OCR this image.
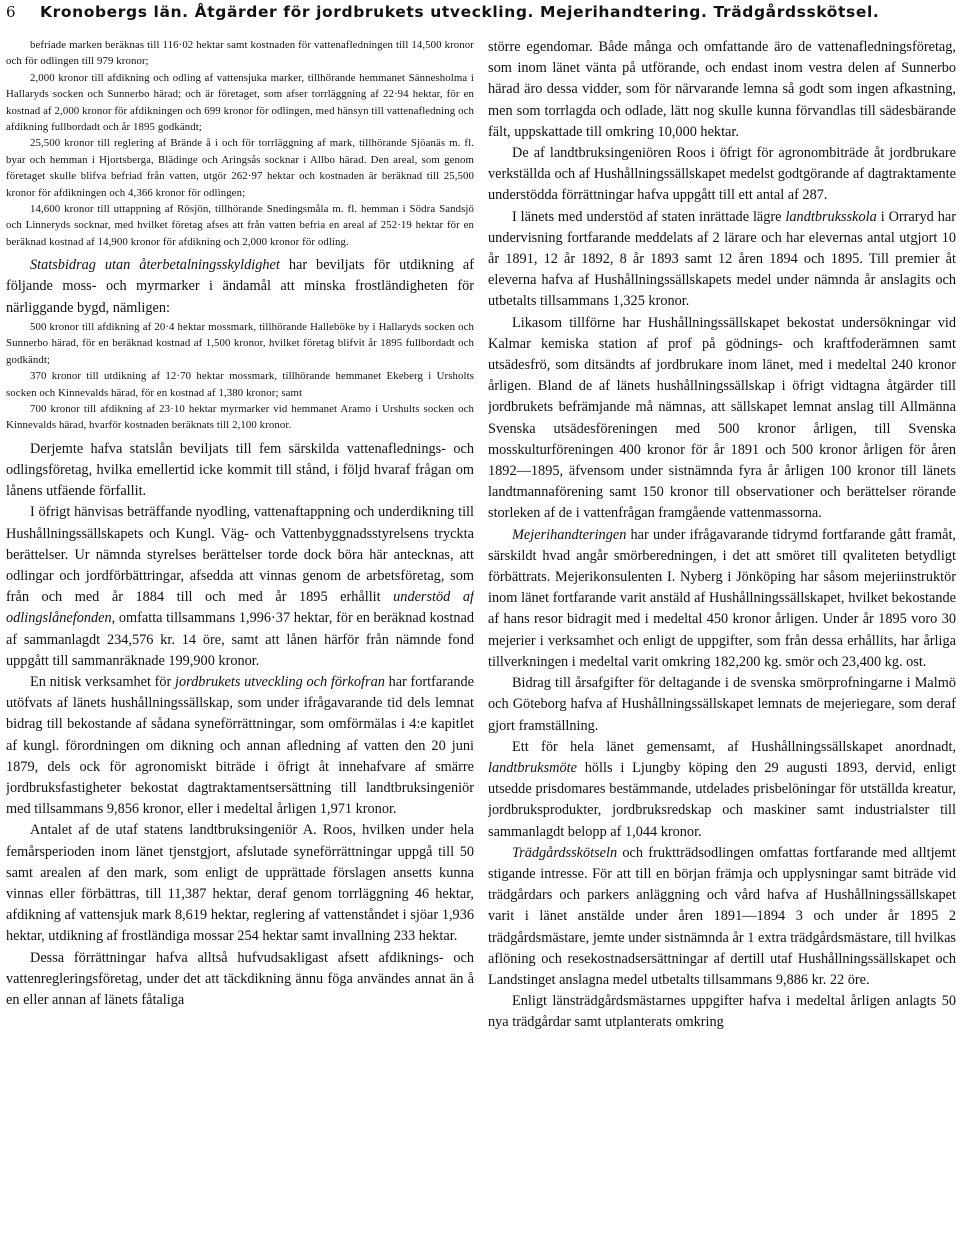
6	Kronobergs län. Åtgärder för jordbrukets utveckling. Mejerihandtering. Trädgårdsskötsel.

befriade marken beräknas till 116·02 hektar samt kostnaden för vattenafledningen till 14,500 kronor och för odlingen till 979 kronor;

2,000 kronor till afdikning och odling af vattensjuka marker, tillhörande hemmanet Sännesholma i Hallaryds socken och Sunnerbo härad; och är företaget, som afser torrläggning af 22·94 hektar, för en kostnad af 2,000 kronor för afdikningen och 699 kronor för odlingen, med hänsyn till vattenafledning och afdikning fullbordadt och år 1895 godkändt;

25,500 kronor till reglering af Brände å i och för torrläggning af mark, tillhörande Sjöanäs m. fl. byar och hemman i Hjortsberga, Blädinge och Aringsås socknar i Allbo härad. Den areal, som genom företaget skulle blifva befriad från vatten, utgör 262·97 hektar och kostnaden är beräknad till 25,500 kronor för afdikningen och 4,366 kronor för odlingen;

14,600 kronor till uttappning af Rösjön, tillhörande Snedingsmåla m. fl. hemman i Södra Sandsjö och Linneryds socknar, med hvilket företag afses att från vatten befria en areal af 252·19 hektar för en beräknad kostnad af 14,900 kronor för afdikning och 2,000 kronor för odling.

Statsbidrag utan återbetalningsskyldighet har beviljats för utdikning af följande moss- och myrmarker i ändamål att minska frostländigheten för närliggande bygd, nämligen:

500 kronor till afdikning af 20·4 hektar mossmark, tillhörande Halleböke by i Hallaryds socken och Sunnerbo härad, för en beräknad kostnad af 1,500 kronor, hvilket företag blifvit år 1895 fullbordadt och godkändt;

370 kronor till utdikning af 12·70 hektar mossmark, tillhörande hemmanet Ekeberg i Ursholts socken och Kinnevalds härad, för en kostnad af 1,380 kronor; samt

700 kronor till afdikning af 23·10 hektar myrmarker vid hemmanet Aramo i Urshults socken och Kinnevalds härad, hvarför kostnaden beräknats till 2,100 kronor.

Derjemte hafva statslån beviljats till fem särskilda vattenaflednings- och odlingsföretag, hvilka emellertid icke kommit till stånd, i följd hvaraf frågan om lånens utfäende förfallit.

I öfrigt hänvisas beträffande nyodling, vattenaftappning och underdikning till Hushållningssällskapets och Kungl. Väg- och Vattenbyggnadsstyrelsens tryckta berättelser. Ur nämnda styrelses berättelser torde dock böra här antecknas, att odlingar och jordförbättringar, afsedda att vinnas genom de arbetsföretag, som från och med år 1884 till och med år 1895 erhållit understöd af odlingslånefonden, omfatta tillsammans 1,996·37 hektar, för en beräknad kostnad af sammanlagdt 234,576 kr. 14 öre, samt att lånen härför från nämnde fond uppgått till sammanräknade 199,900 kronor.

En nitisk verksamhet för jordbrukets utveckling och förkofran har fortfarande utöfvats af länets hushållningssällskap, som under ifrågavarande tid dels lemnat bidrag till bekostande af sådana syneförrättningar, som omförmälas i 4:e kapitlet af kungl. förordningen om dikning och annan afledning af vatten den 20 juni 1879, dels ock för agronomiskt biträde i öfrigt åt innehafvare af smärre jordbruksfastigheter bekostat dagtraktamentsersättning till landtbruksingeniör med tillsammans 9,856 kronor, eller i medeltal årligen 1,971 kronor.

Antalet af de utaf statens landtbruksingeniör A. Roos, hvilken under hela femårsperioden inom länet tjenstgjort, afslutade syneförrättningar uppgå till 50 samt arealen af den mark, som enligt de upprättade förslagen ansetts kunna vinnas eller förbättras, till 11,387 hektar, deraf genom torrläggning 46 hektar, afdikning af vattensjuk mark 8,619 hektar, reglering af vattenståndet i sjöar 1,936 hektar, utdikning af frostländiga mossar 254 hektar samt invallning 233 hektar.

Dessa förrättningar hafva alltså hufvudsakligast afsett afdiknings- och vattenregleringsföretag, under det att täckdikning ännu föga användes annat än å en eller annan af länets fåtaliga

större egendomar. Både många och omfattande äro de vattenafledningsföretag, som inom länet vänta på utförande, och endast inom vestra delen af Sunnerbo härad äro dessa vidder, som för närvarande lemna så godt som ingen afkastning, men som torrlagda och odlade, lätt nog skulle kunna förvandlas till sädesbärande fält, uppskattade till omkring 10,000 hektar.

De af landtbruksingeniören Roos i öfrigt för agronombiträde åt jordbrukare verkställda och af Hushållningssällskapet medelst godtgörande af dagtraktamente understödda förrättningar hafva uppgått till ett antal af 287.

I länets med understöd af staten inrättade lägre landtbruksskola i Orraryd har undervisning fortfarande meddelats af 2 lärare och har elevernas antal utgjort 10 år 1891, 12 år 1892, 8 år 1893 samt 12 åren 1894 och 1895. Till premier åt eleverna hafva af Hushållningssällskapets medel under nämnda år anslagits och utbetalts tillsammans 1,325 kronor.

Likasom tillförne har Hushållningssällskapet bekostat undersökningar vid Kalmar kemiska station af prof på gödnings- och kraftfoderämnen samt utsädesfrö, som ditsändts af jordbrukare inom länet, med i medeltal 240 kronor årligen. Bland de af länets hushållningssällskap i öfrigt vidtagna åtgärder till jordbrukets befrämjande må nämnas, att sällskapet lemnat anslag till Allmänna Svenska utsädesföreningen med 500 kronor årligen, till Svenska mosskulturföreningen 400 kronor för år 1891 och 500 kronor årligen för åren 1892—1895, äfvensom under sistnämnda fyra år årligen 100 kronor till länets landtmannaförening samt 150 kronor till observationer och berättelser rörande storleken af de i vattenfrågan framgående vattenmassorna.

Mejerihandteringen har under ifrågavarande tidrymd fortfarande gått framåt, särskildt hvad angår smörberedningen, i det att smöret till qvaliteten betydligt förbättrats. Mejerikonsulenten I. Nyberg i Jönköping har såsom mejeriinstruktör inom länet fortfarande varit anstäld af Hushållningssällskapet, hvilket bekostande af hans resor bidragit med i medeltal 450 kronor årligen. Under år 1895 voro 30 mejerier i verksamhet och enligt de uppgifter, som från dessa erhållits, har årliga tillverkningen i medeltal varit omkring 182,200 kg. smör och 23,400 kg. ost.

Bidrag till årsafgifter för deltagande i de svenska smörprofningarne i Malmö och Göteborg hafva af Hushållningssällskapet lemnats de mejeriegare, som deraf gjort framställning.

Ett för hela länet gemensamt, af Hushållningssällskapet anordnadt, landtbruksmöte hölls i Ljungby köping den 29 augusti 1893, dervid, enligt utsedde prisdomares bestämmande, utdelades prisbelöningar för utställda kreatur, jordbruksprodukter, jordbruksredskap och maskiner samt industrialster till sammanlagdt belopp af 1,044 kronor.

Trädgårdsskötseln och fruktträdsodlingen omfattas fortfarande med alltjemt stigande intresse. För att till en början främja och upplysningar samt biträde vid trädgårdars och parkers anläggning och vård hafva af Hushållningssällskapet varit i länet anstälde under åren 1891—1894 3 och under år 1895 2 trädgårdsmästare, jemte under sistnämnda år 1 extra trädgårdsmästare, till hvilkas aflöning och resekostnadsersättningar af dertill utaf Hushållningssällskapet och Landstinget anslagna medel utbetalts tillsammans 9,886 kr. 22 öre.

Enligt länsträdgårdsmästarnes uppgifter hafva i medeltal årligen anlagts 50 nya trädgårdar samt utplanterats omkring
